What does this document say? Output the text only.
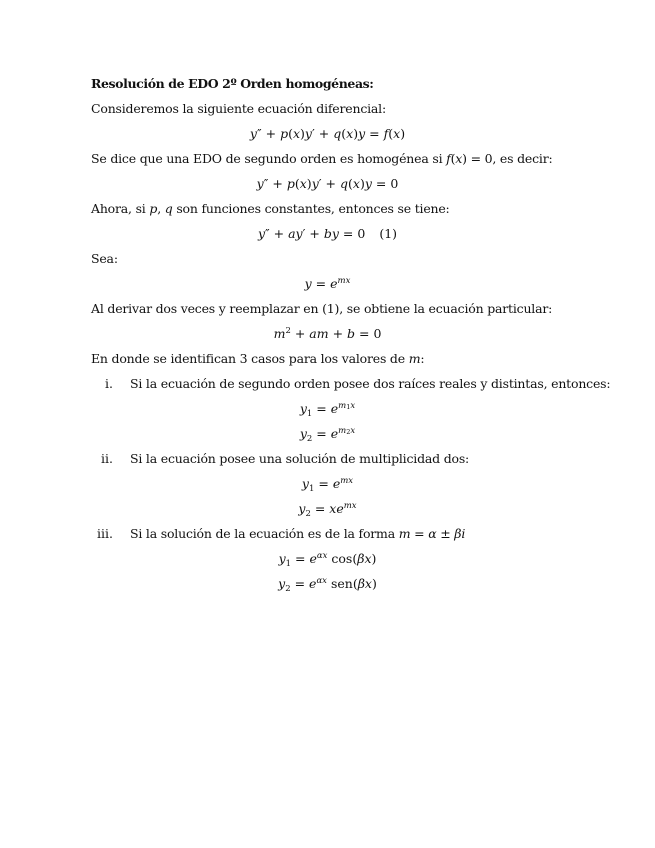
Resolución de EDO 2º Orden homogéneas:
Consideremos la siguiente ecuación diferencial:
y″ + p(x)y′ + q(x)y = f(x)
Se dice que una EDO de segundo orden es homogénea si f(x) = 0, es decir:
y″ + p(x)y′ + q(x)y = 0
Ahora, si p, q son funciones constantes, entonces se tiene:
y″ + ay′ + by = 0 (1)
Sea:
$y = e^{mx}$
Al derivar dos veces y reemplazar en (1), se obtiene la ecuación particular:
$m^2$ + am + b = 0
En donde se identifican 3 casos para los valores de m:
i. Si la ecuación de segundo orden posee dos raíces reales y distintas, entonces:
$y_1 = e^{m_1x}$
$y_2 = e^{m_2x}$
ii. Si la ecuación posee una solución de multiplicidad dos:
$y_1 = e^{mx}$
$y_2 = xe^{mx}$
iii. Si la solución de la ecuación es de la forma m = α ± βi
$y_1 = e^{\alpha x}$ cos(βx)
$y_2 = e^{\alpha x}$ sen(βx)
